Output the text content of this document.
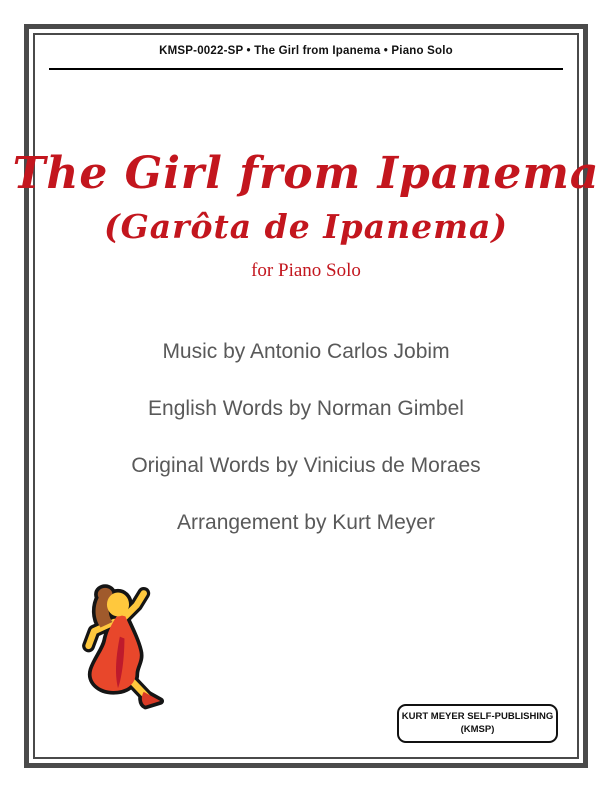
KMSP-0022-SP • The Girl from Ipanema • Piano Solo
The Girl from Ipanema
(Garôta de Ipanema)
for Piano Solo
Music by Antonio Carlos Jobim
English Words by Norman Gimbel
Original Words by Vinicius de Moraes
Arrangement by Kurt Meyer
KURT MEYER SELF-PUBLISHING
(KMSP)
